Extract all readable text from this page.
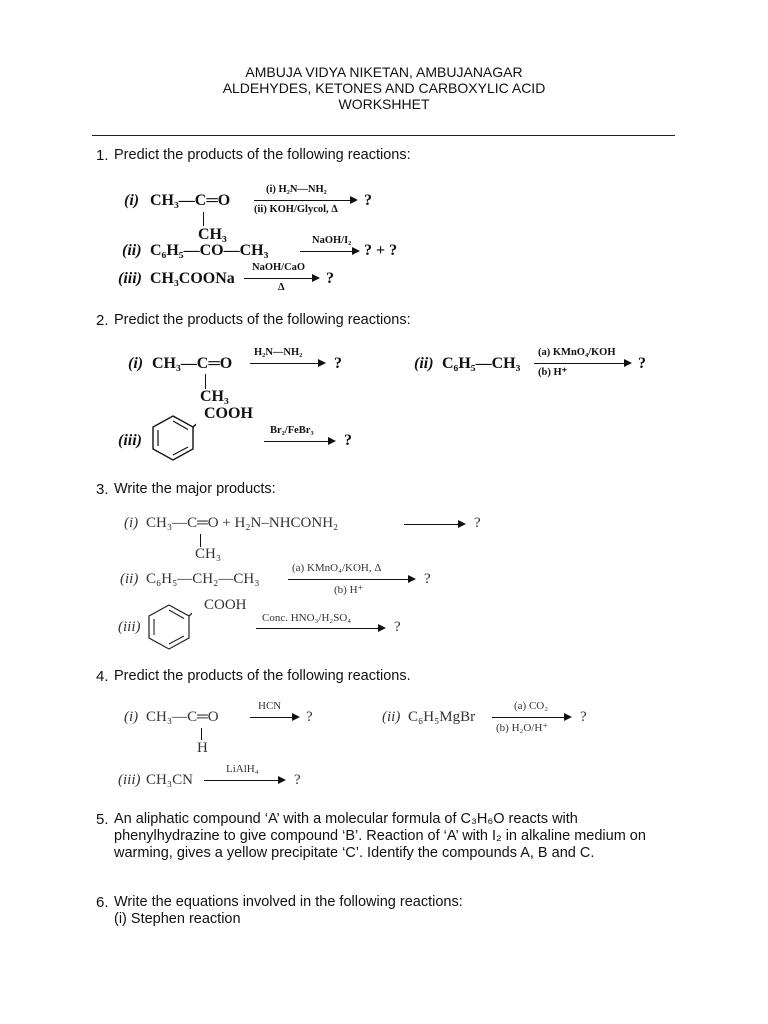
AMBUJA VIDYA NIKETAN, AMBUJANAGAR
ALDEHYDES, KETONES AND CARBOXYLIC ACID
WORKSHHET
1. Predict the products of the following reactions:
(i) CH₃—C═O
CH₃
(i) H₂N—NH₂
(ii) KOH/Glycol, Δ
?
(ii) C₆H₅—CO—CH₃
NaOH/I₂
? + ?
(iii) CH₃COONa
NaOH/CaO
Δ
?
2. Predict the products of the following reactions:
(i) CH₃—C═O
CH₃
H₂N—NH₂
?	(ii) C₆H₅—CH₃
(a) KMnO₄/KOH
(b) H⁺
?
(iii)
COOH
Br₂/FeBr₃
?
3. Write the major products:
(i) CH₃—C═O + H₂N–NHCONH₂
CH₃
?
(ii) C₆H₅—CH₂—CH₃
(a) KMnO₄/KOH, Δ
(b) H⁺
?
(iii)
COOH
Conc. HNO₃/H₂SO₄
?
4. Predict the products of the following reactions.
(i) CH₃—C═O
H
HCN
?	(ii) C₆H₅MgBr
(a) CO₂
(b) H₂O/H⁺
?
(iii) CH₃CN
LiAlH₄
?
5. An aliphatic compound ‘A’ with a molecular formula of C₃H₆O reacts with phenylhydrazine to give compound ‘B’. Reaction of ‘A’ with I₂ in alkaline medium on warming, gives a yellow precipitate ‘C’. Identify the compounds A, B and C.
6. Write the equations involved in the following reactions:
(i) Stephen reaction
